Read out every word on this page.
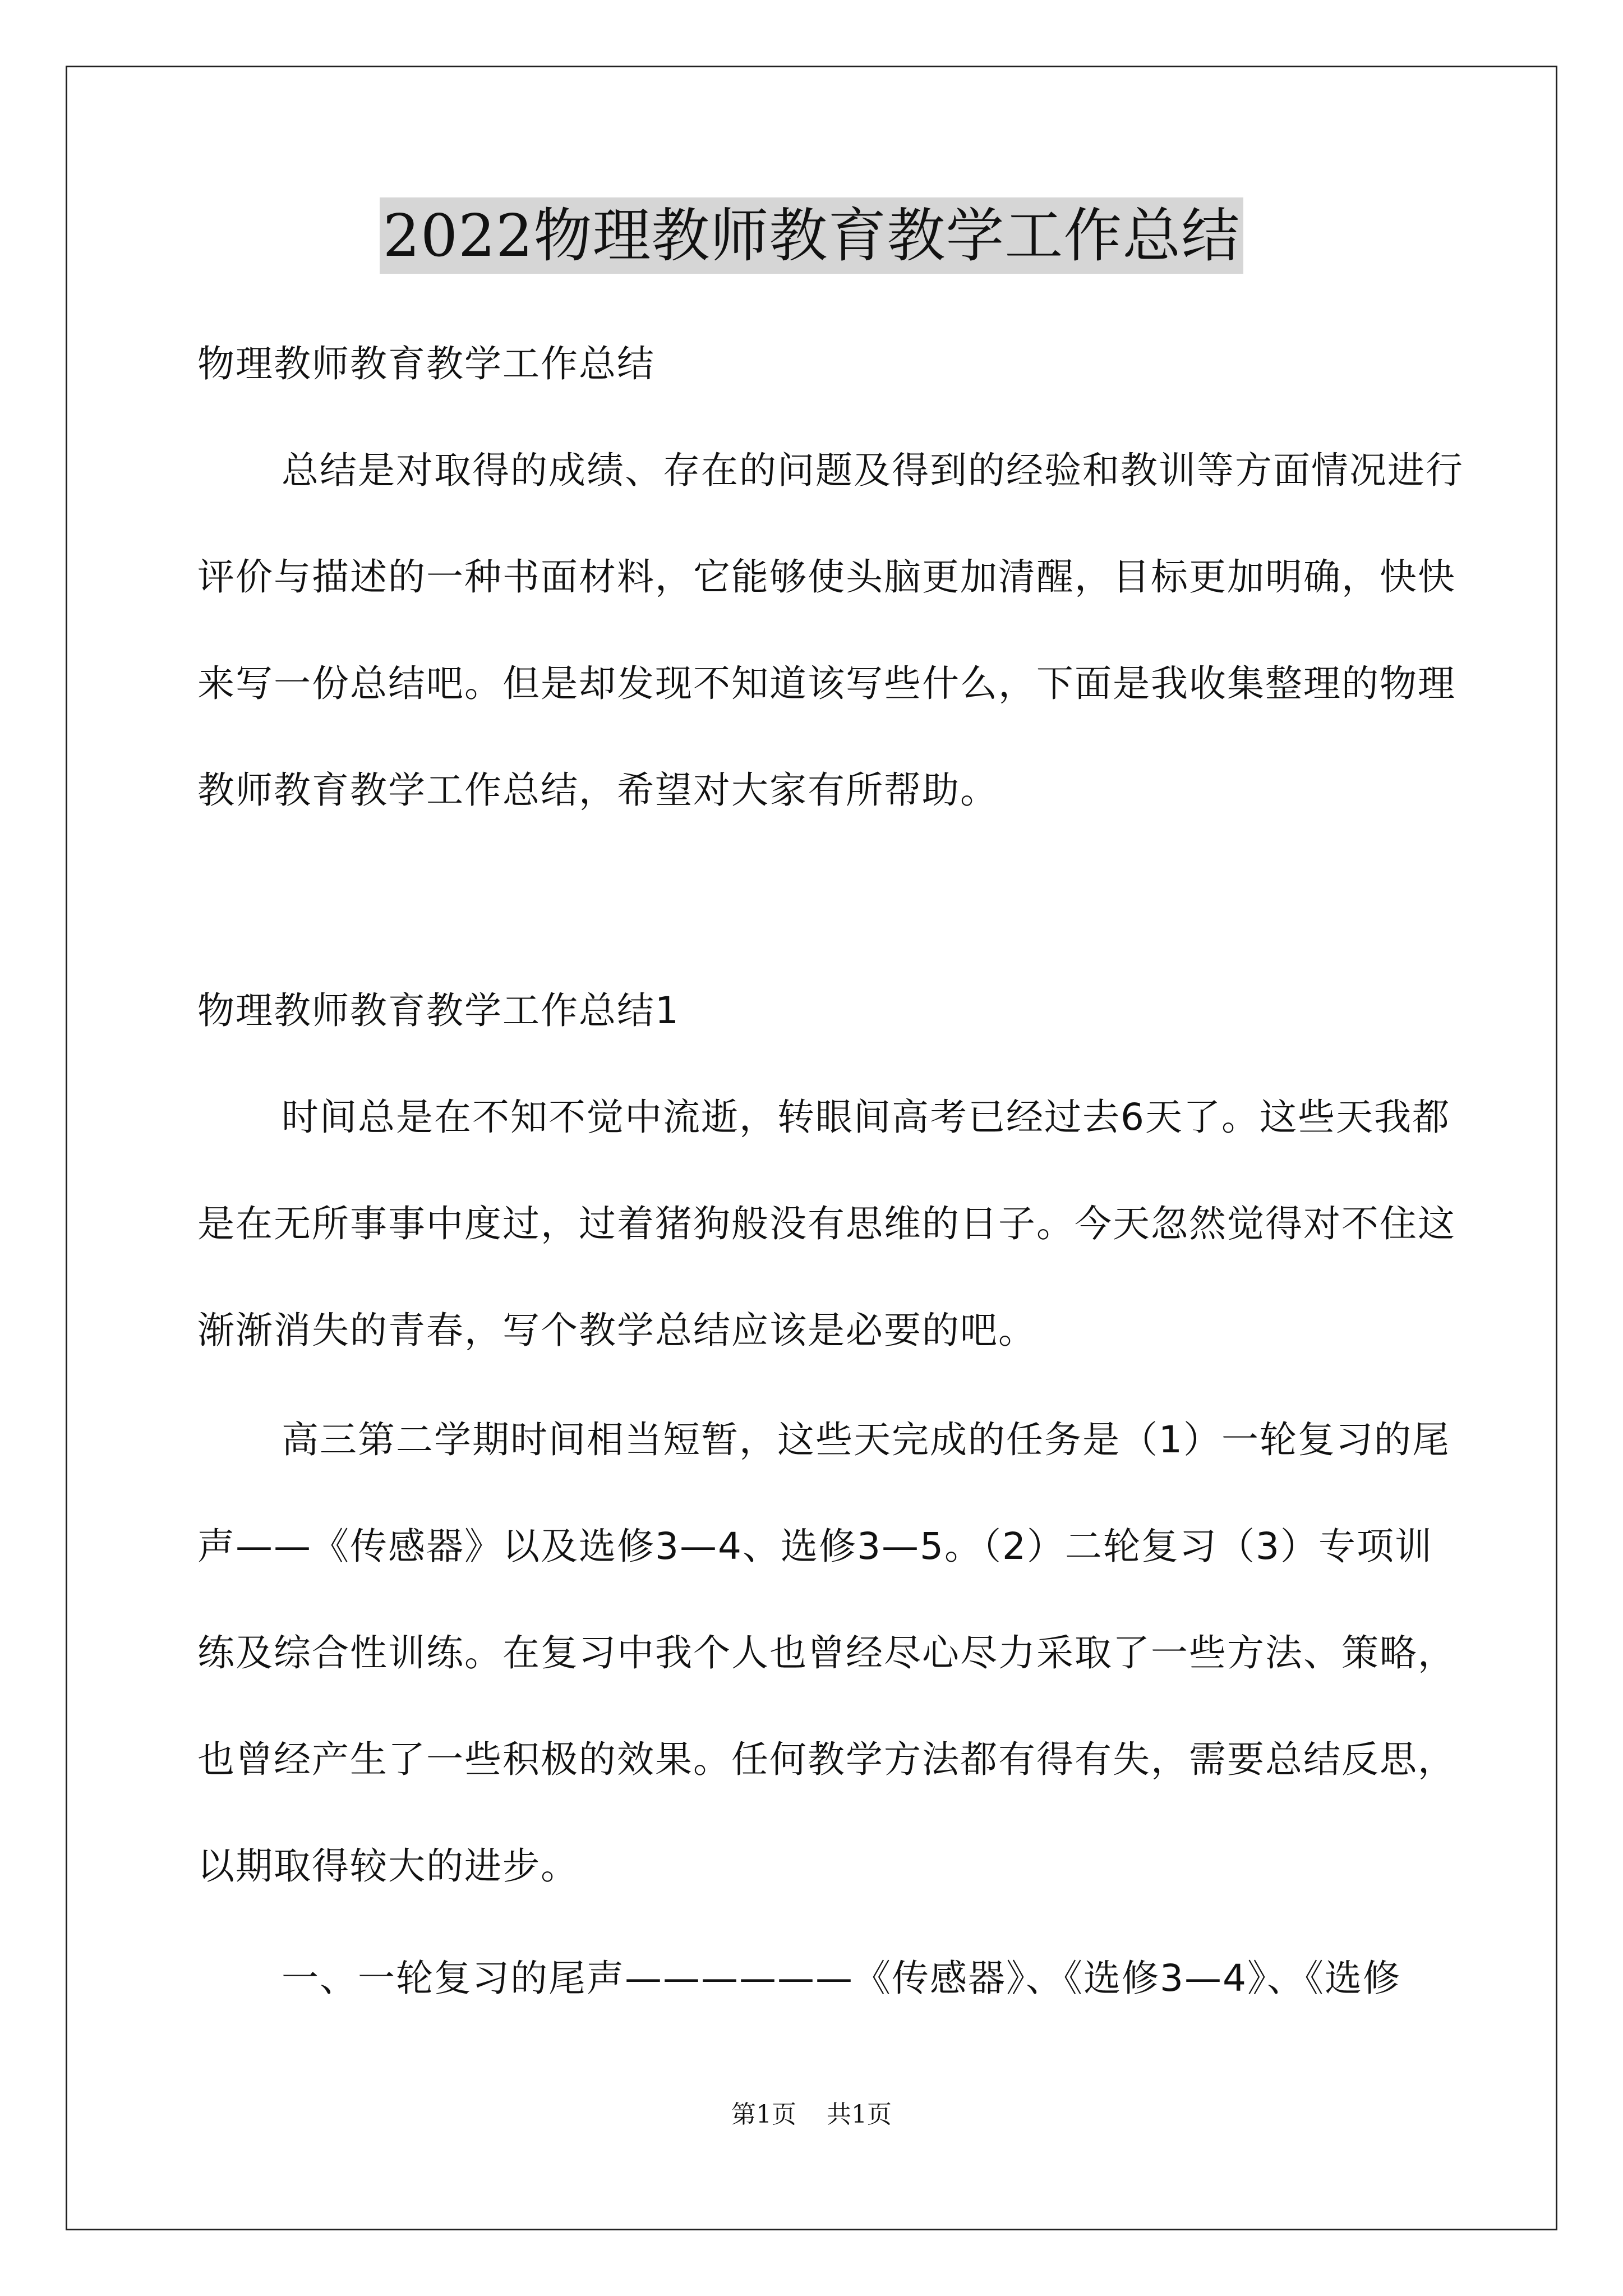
2022物理教师教育教学工作总结

物理教师教育教学工作总结

总结是对取得的成绩、存在的问题及得到的经验和教训等方面情况进行评价与描述的一种书面材料，它能够使头脑更加清醒，目标更加明确，快快来写一份总结吧。但是却发现不知道该写些什么，下面是我收集整理的物理教师教育教学工作总结，希望对大家有所帮助。

物理教师教育教学工作总结1

时间总是在不知不觉中流逝，转眼间高考已经过去6天了。这些天我都是在无所事事中度过，过着猪狗般没有思维的日子。今天忽然觉得对不住这渐渐消失的青春，写个教学总结应该是必要的吧。

高三第二学期时间相当短暂，这些天完成的任务是（1）一轮复习的尾声——《传感器》以及选修3—4、选修3—5。（2）二轮复习（3）专项训练及综合性训练。在复习中我个人也曾经尽心尽力采取了一些方法、策略，也曾经产生了一些积极的效果。任何教学方法都有得有失，需要总结反思，以期取得较大的进步。

一、一轮复习的尾声——————《传感器》、《选修3—4》、《选修

第1页 共1页
